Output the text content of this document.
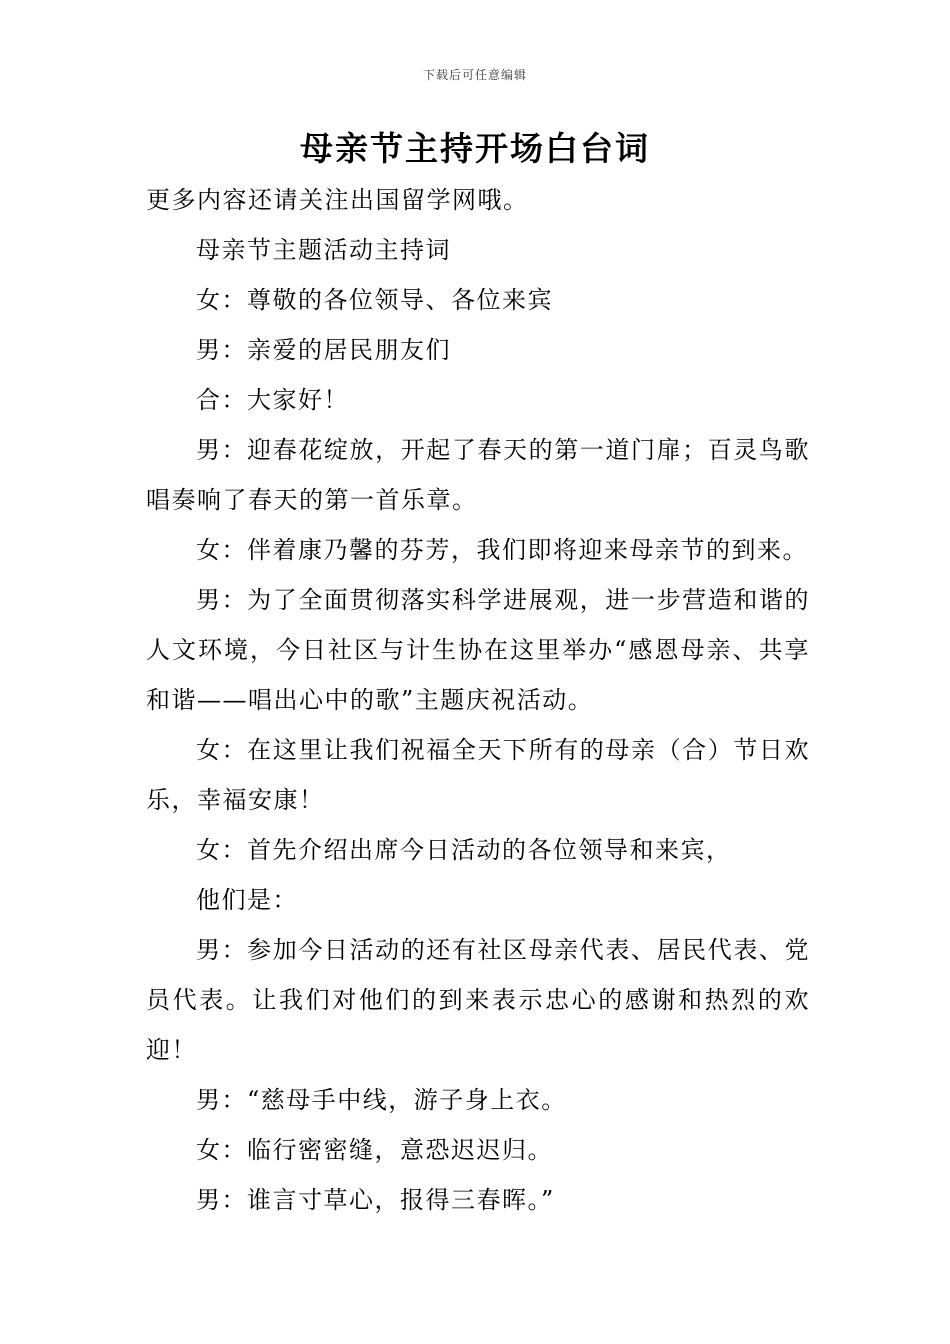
下载后可任意编辑
母亲节主持开场白台词

更多内容还请关注出国留学网哦。

母亲节主题活动主持词

女：尊敬的各位领导、各位来宾

男：亲爱的居民朋友们

合：大家好！

男：迎春花绽放，开起了春天的第一道门扉；百灵鸟歌唱奏响了春天的第一首乐章。

女：伴着康乃馨的芬芳，我们即将迎来母亲节的到来。

男：为了全面贯彻落实科学进展观，进一步营造和谐的人文环境，今日社区与计生协在这里举办“感恩母亲、共享和谐——唱出心中的歌”主题庆祝活动。

女：在这里让我们祝福全天下所有的母亲（合）节日欢乐，幸福安康！

女：首先介绍出席今日活动的各位领导和来宾，

他们是：

男：参加今日活动的还有社区母亲代表、居民代表、党员代表。让我们对他们的到来表示忠心的感谢和热烈的欢迎！

男：“慈母手中线，游子身上衣。

女：临行密密缝，意恐迟迟归。

男：谁言寸草心，报得三春晖。”
